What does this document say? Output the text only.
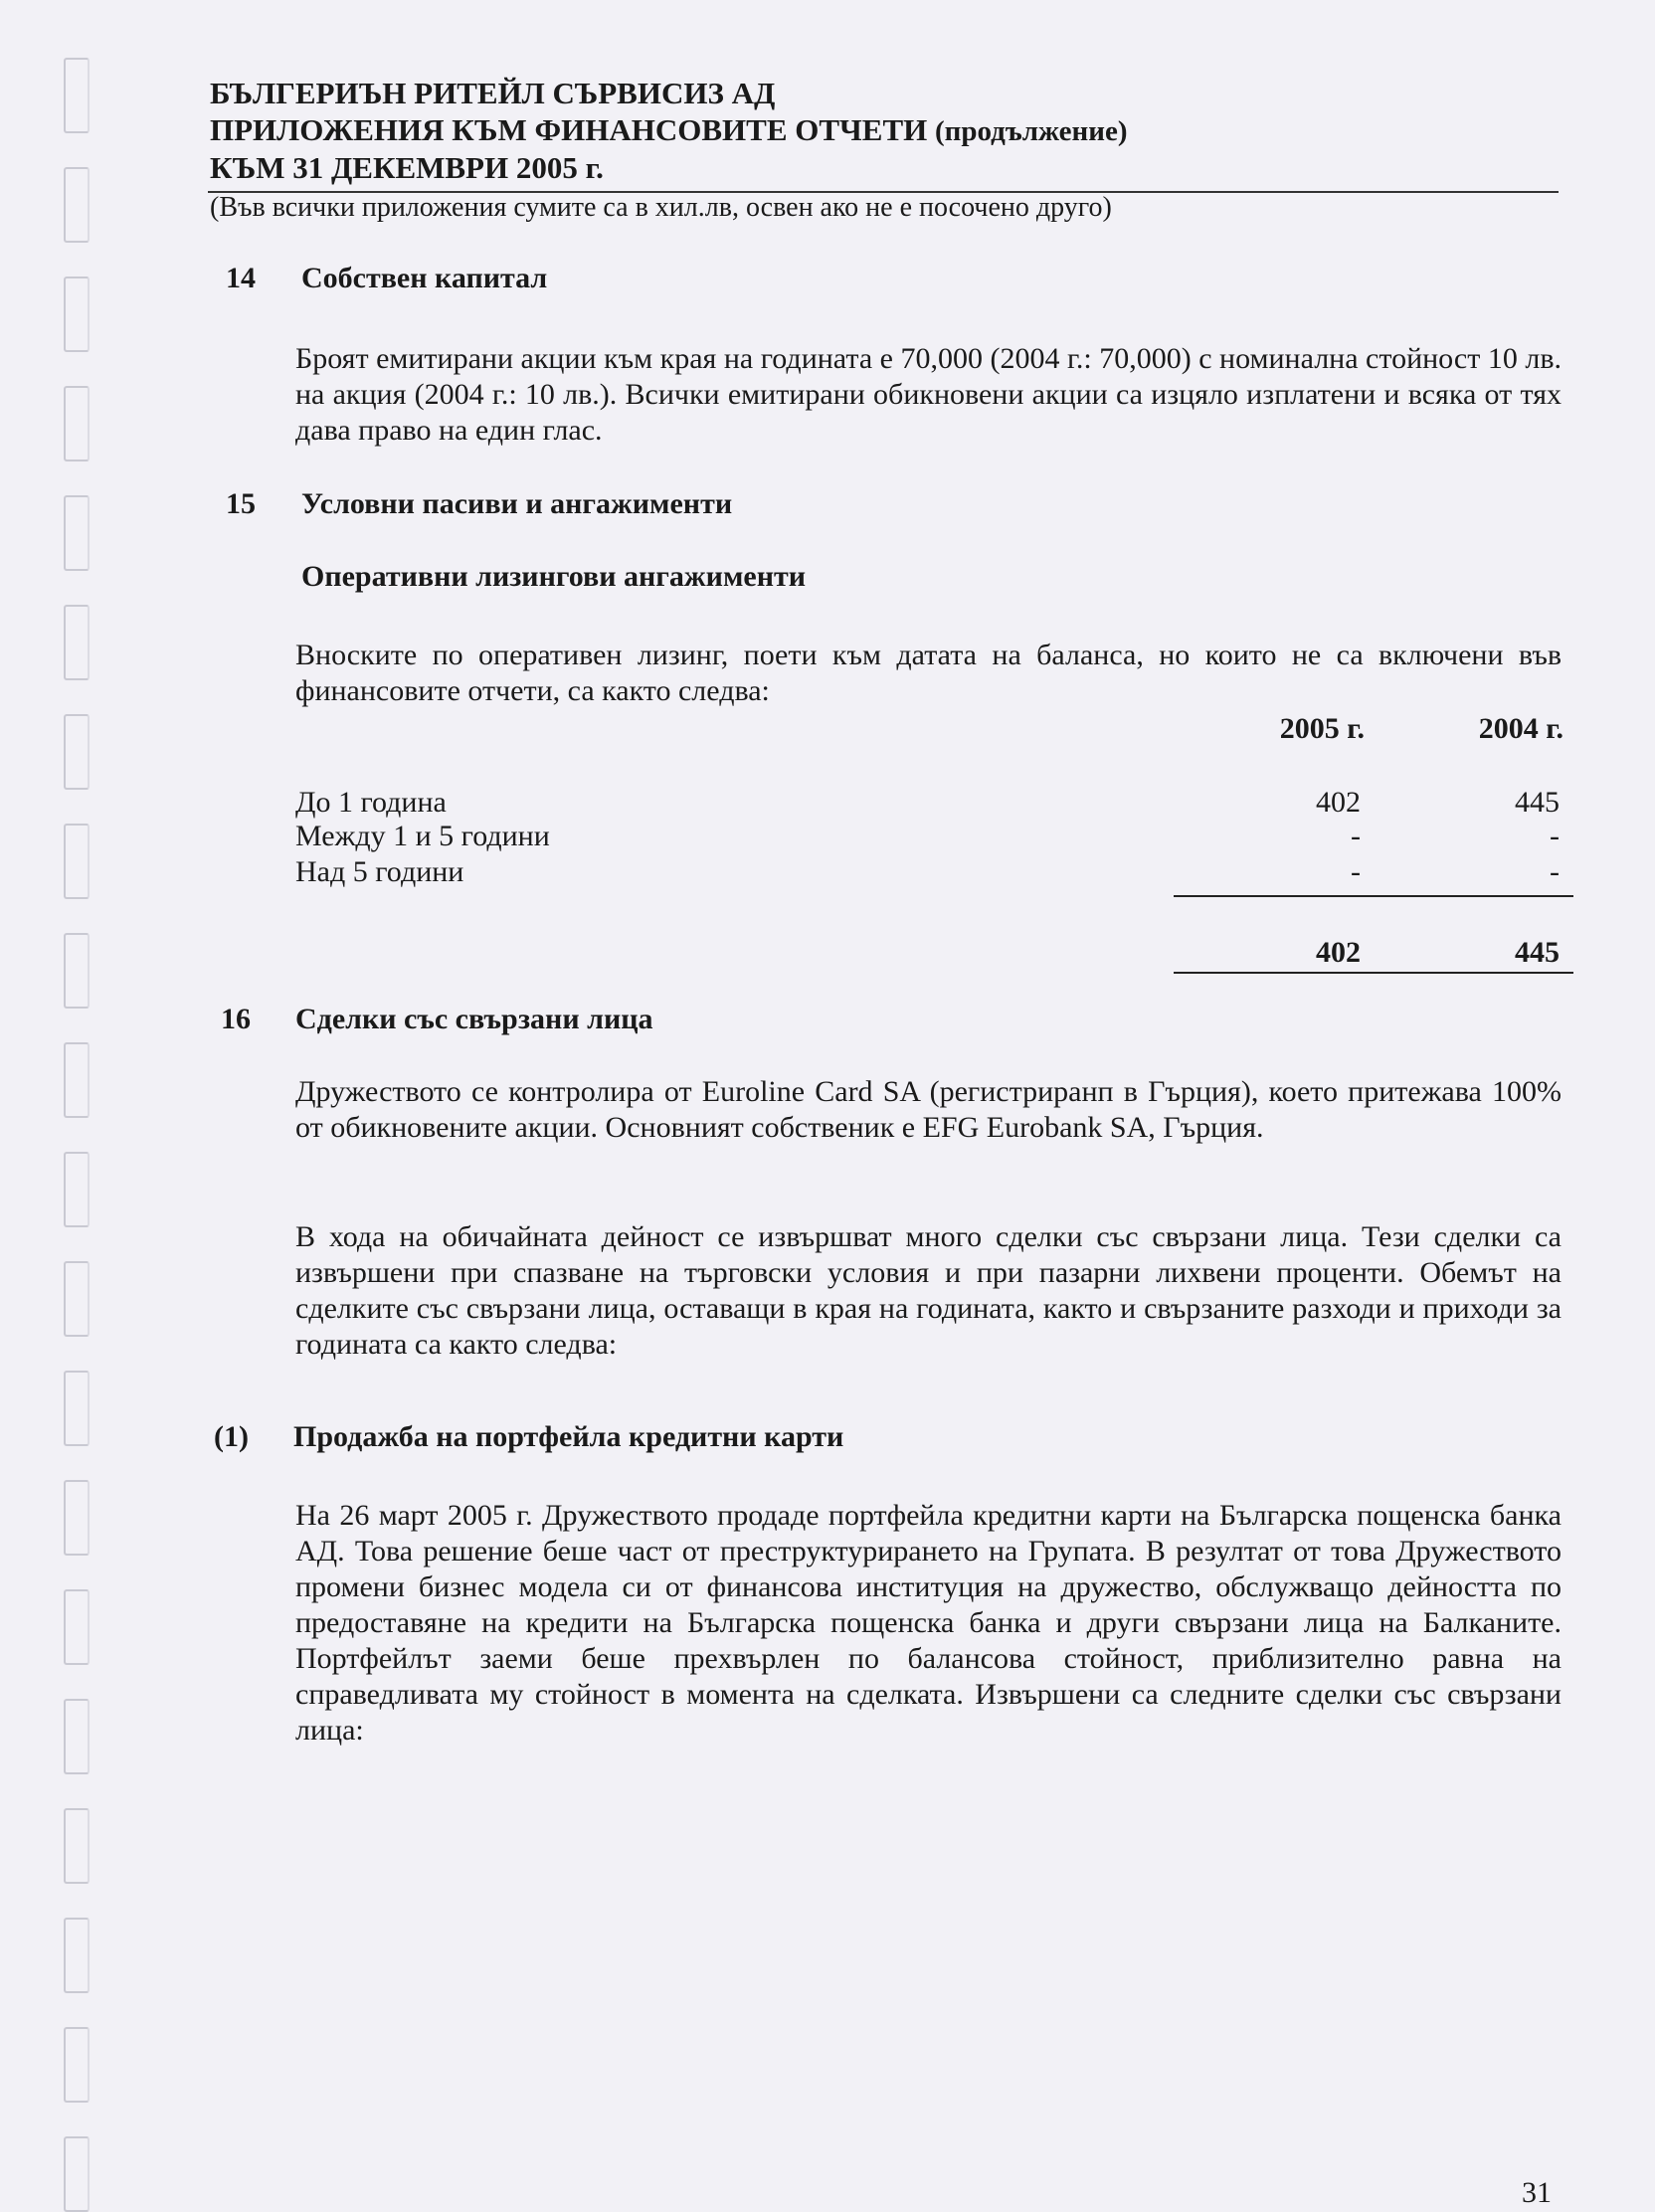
БЪЛГЕРИЪН РИТЕЙЛ СЪРВИСИЗ АД
ПРИЛОЖЕНИЯ КЪМ ФИНАНСОВИТЕ ОТЧЕТИ (продължение)
КЪМ 31 ДЕКЕМВРИ 2005 г.
(Във всички приложения сумите са в хил.лв, освен ако не е посочено друго)
14 Собствен капитал
Броят емитирани акции към края на годината е 70,000 (2004 г.: 70,000) с номинална стойност 10 лв. на акция (2004 г.: 10 лв.). Всички емитирани обикновени акции са изцяло изплатени и всяка от тях дава право на един глас.
15 Условни пасиви и ангажименти
Оперативни лизингови ангажименти
Вноските по оперативен лизинг, поети към датата на баланса, но които не са включени във финансовите отчети, са както следва:
2005 г.	2004 г.
До 1 година	402	445
Между 1 и 5 години	-	-
Над 5 години	-	-
402	445
16 Сделки със свързани лица
Дружеството се контролира от Euroline Card SA (регистриранп в Гърция), което притежава 100% от обикновените акции. Основният собственик е EFG Eurobank SA, Гърция.
В хода на обичайната дейност се извършват много сделки със свързани лица. Тези сделки са извършени при спазване на търговски условия и при пазарни лихвени проценти. Обемът на сделките със свързани лица, оставащи в края на годината, както и свързаните разходи и приходи за годината са както следва:
(1) Продажба на портфейла кредитни карти
На 26 март 2005 г. Дружеството продаде портфейла кредитни карти на Българска пощенска банка АД. Това решение беше част от преструктурирането на Групата. В резултат от това Дружеството промени бизнес модела си от финансова институция на дружество, обслужващо дейността по предоставяне на кредити на Българска пощенска банка и други свързани лица на Балканите. Портфейлът заеми беше прехвърлен по балансова стойност, приблизително равна на справедливата му стойност в момента на сделката. Извършени са следните сделки със свързани лица:
31
